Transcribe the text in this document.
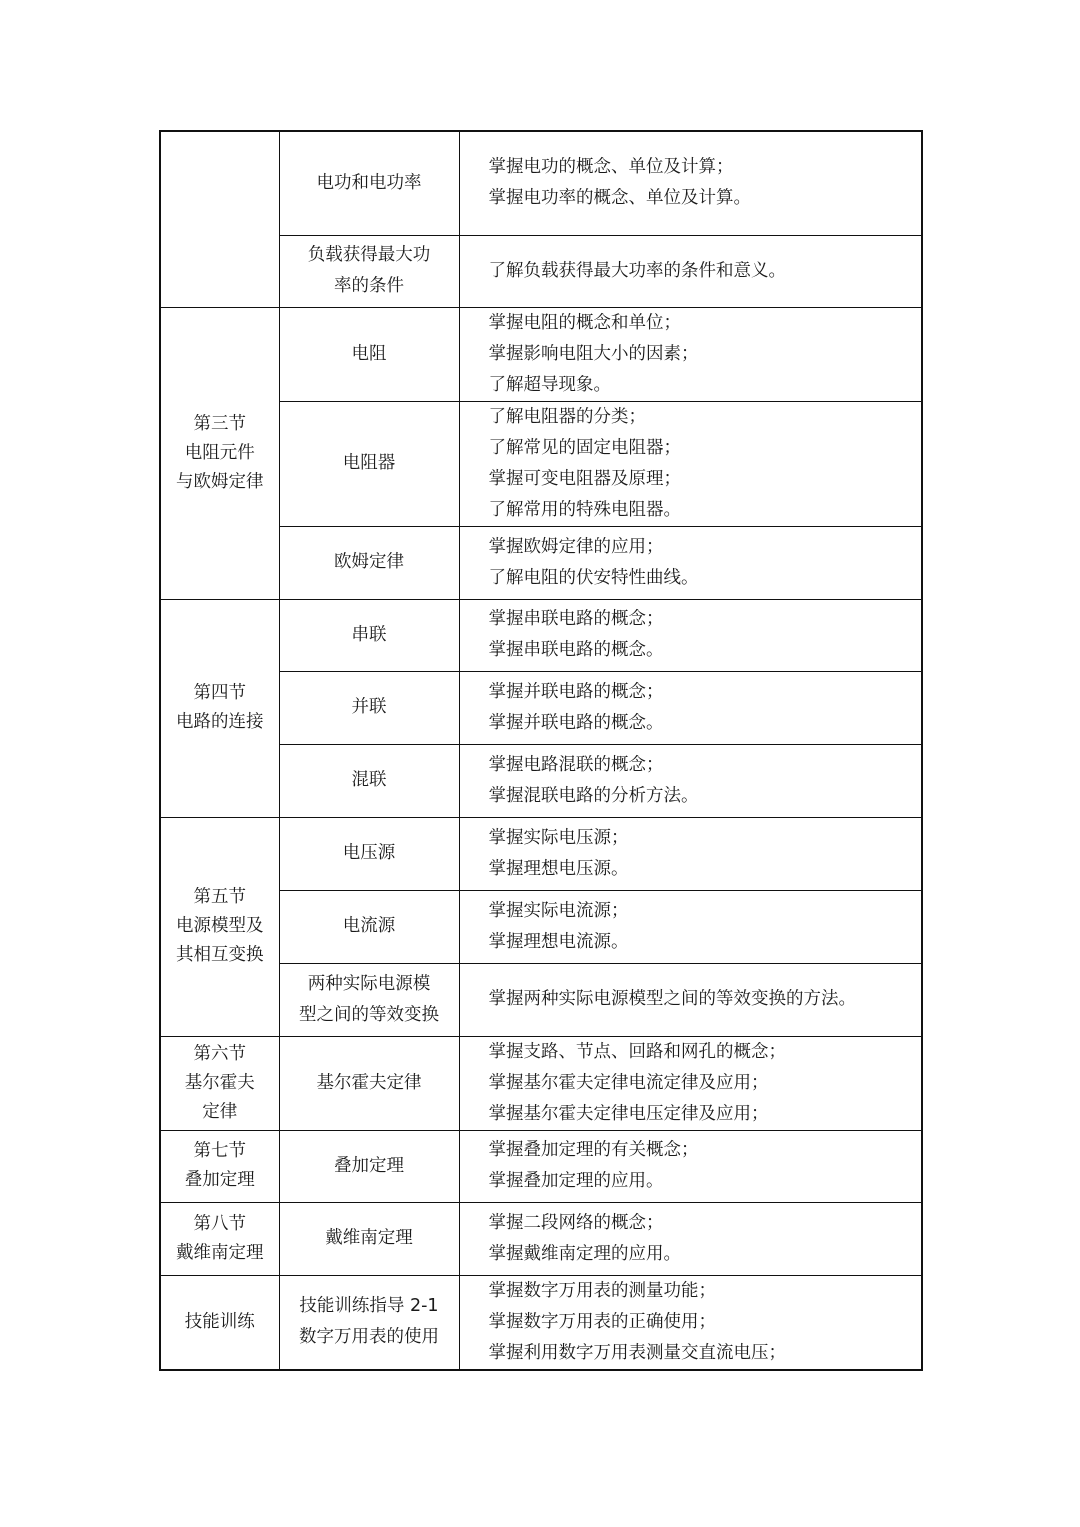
	电功和电功率	掌握电功的概念、单位及计算；
掌握电功率的概念、单位及计算。

	负载获得最大功
率的条件	了解负载获得最大功率的条件和意义。

第三节
电阻元件
与欧姆定律	电阻	掌握电阻的概念和单位；
掌握影响电阻大小的因素；
了解超导现象。

	电阻器	了解电阻器的分类；
了解常见的固定电阻器；
掌握可变电阻器及原理；
了解常用的特殊电阻器。

	欧姆定律	掌握欧姆定律的应用；
了解电阻的伏安特性曲线。

第四节
电路的连接	串联	掌握串联电路的概念；
掌握串联电路的概念。

	并联	掌握并联电路的概念；
掌握并联电路的概念。

	混联	掌握电路混联的概念；
掌握混联电路的分析方法。

第五节
电源模型及
其相互变换	电压源	掌握实际电压源；
掌握理想电压源。

	电流源	掌握实际电流源；
掌握理想电流源。

	两种实际电源模
型之间的等效变换	掌握两种实际电源模型之间的等效变换的方法。

第六节
基尔霍夫
定律	基尔霍夫定律	掌握支路、节点、回路和网孔的概念；
掌握基尔霍夫定律电流定律及应用；
掌握基尔霍夫定律电压定律及应用；

第七节
叠加定理	叠加定理	掌握叠加定理的有关概念；
掌握叠加定理的应用。

第八节
戴维南定理	戴维南定理	掌握二段网络的概念；
掌握戴维南定理的应用。

技能训练	技能训练指导 2-1
数字万用表的使用	掌握数字万用表的测量功能；
掌握数字万用表的正确使用；
掌握利用数字万用表测量交直流电压；
